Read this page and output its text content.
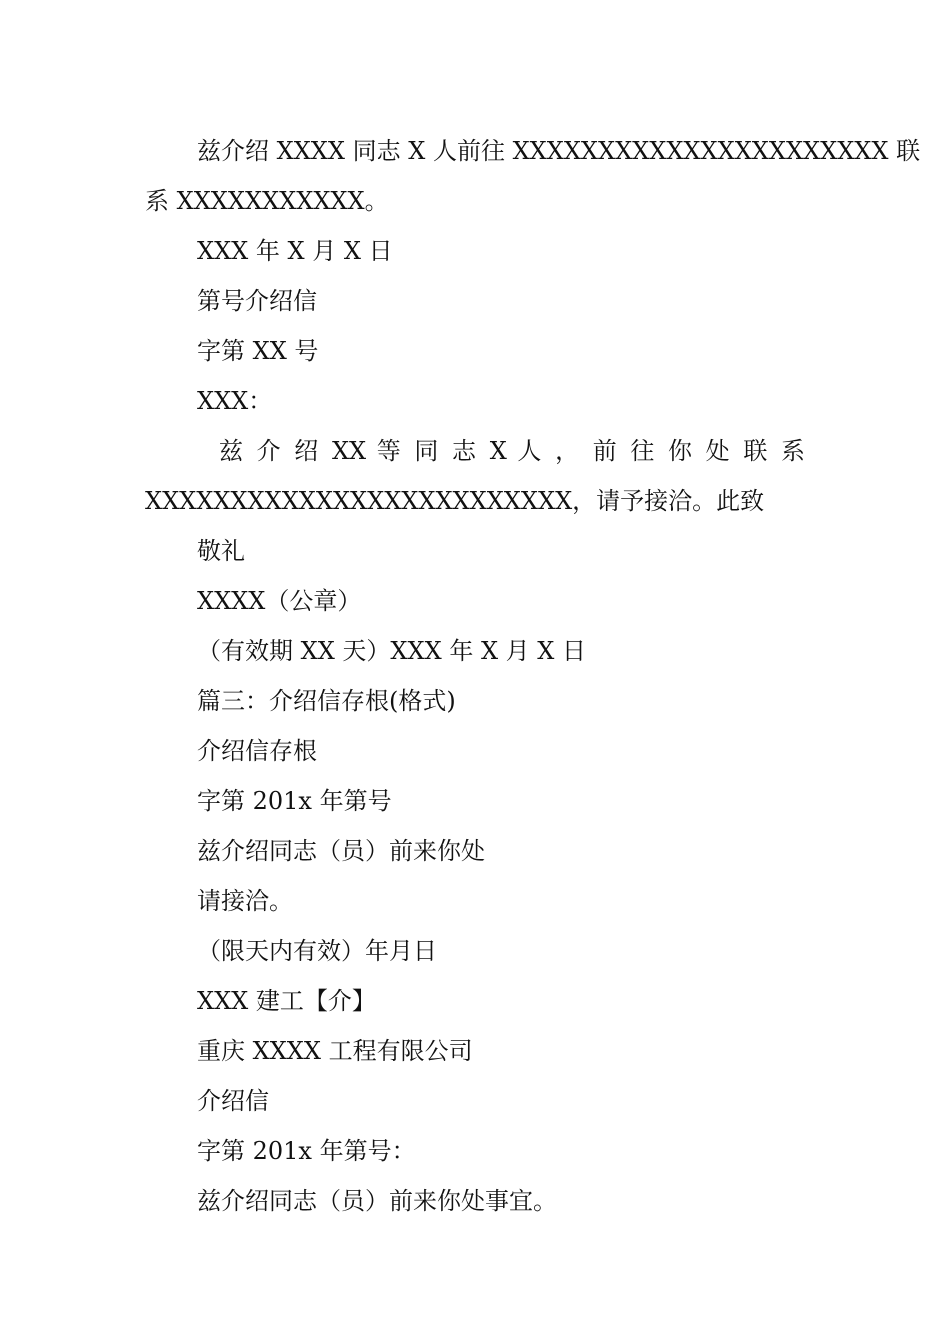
兹介绍 XXXX 同志 X 人前往 XXXXXXXXXXXXXXXXXXXXXX 联
系 XXXXXXXXXXX。
XXX 年 X 月 X 日
第号介绍信
字第 XX 号
XXX：
兹 介 绍 XX 等 同 志 X 人 ， 前 往 你 处 联 系
XXXXXXXXXXXXXXXXXXXXXXXXX，请予接洽。此致
敬礼
XXXX（公章）
（有效期 XX 天）XXX 年 X 月 X 日
篇三：介绍信存根(格式)
介绍信存根
字第 201x 年第号
兹介绍同志（员）前来你处
请接洽。
（限天内有效）年月日
XXX 建工【介】
重庆 XXXX 工程有限公司
介绍信
字第 201x 年第号：
兹介绍同志（员）前来你处事宜。
